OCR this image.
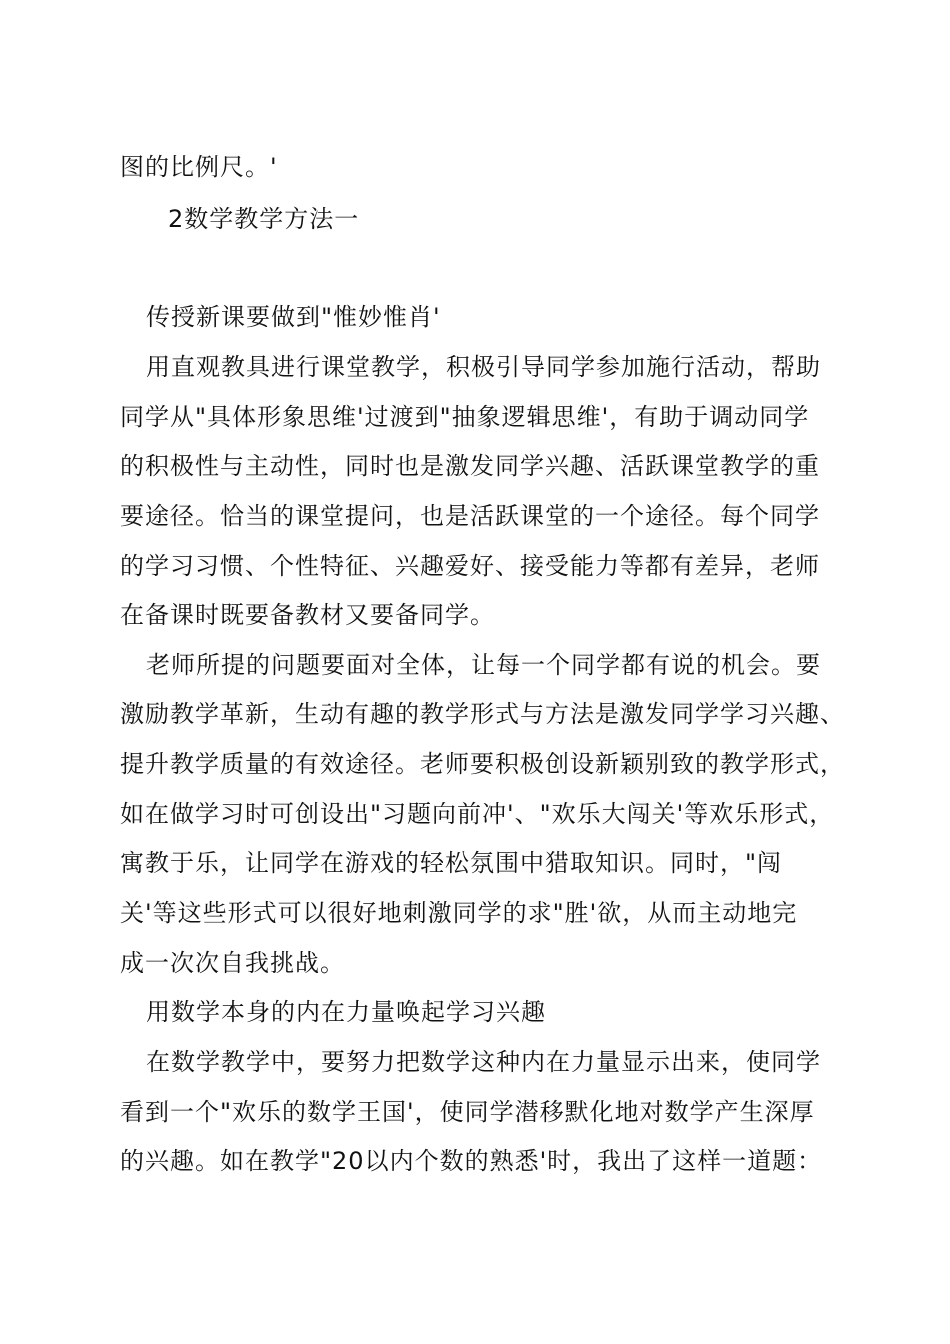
图的比例尺。'
2数学教学方法一
传授新课要做到"惟妙惟肖'
用直观教具进行课堂教学，积极引导同学参加施行活动，帮助
同学从"具体形象思维'过渡到"抽象逻辑思维'，有助于调动同学
的积极性与主动性，同时也是激发同学兴趣、活跃课堂教学的重
要途径。恰当的课堂提问，也是活跃课堂的一个途径。每个同学
的学习习惯、个性特征、兴趣爱好、接受能力等都有差异，老师
在备课时既要备教材又要备同学。
老师所提的问题要面对全体，让每一个同学都有说的机会。要
激励教学革新，生动有趣的教学形式与方法是激发同学学习兴趣、
提升教学质量的有效途径。老师要积极创设新颖别致的教学形式，
如在做学习时可创设出"习题向前冲'、"欢乐大闯关'等欢乐形式，
寓教于乐，让同学在游戏的轻松氛围中猎取知识。同时，"闯
关'等这些形式可以很好地刺激同学的求"胜'欲，从而主动地完
成一次次自我挑战。
用数学本身的内在力量唤起学习兴趣
在数学教学中，要努力把数学这种内在力量显示出来，使同学
看到一个"欢乐的数学王国'，使同学潜移默化地对数学产生深厚
的兴趣。如在教学"20以内个数的熟悉'时，我出了这样一道题：
